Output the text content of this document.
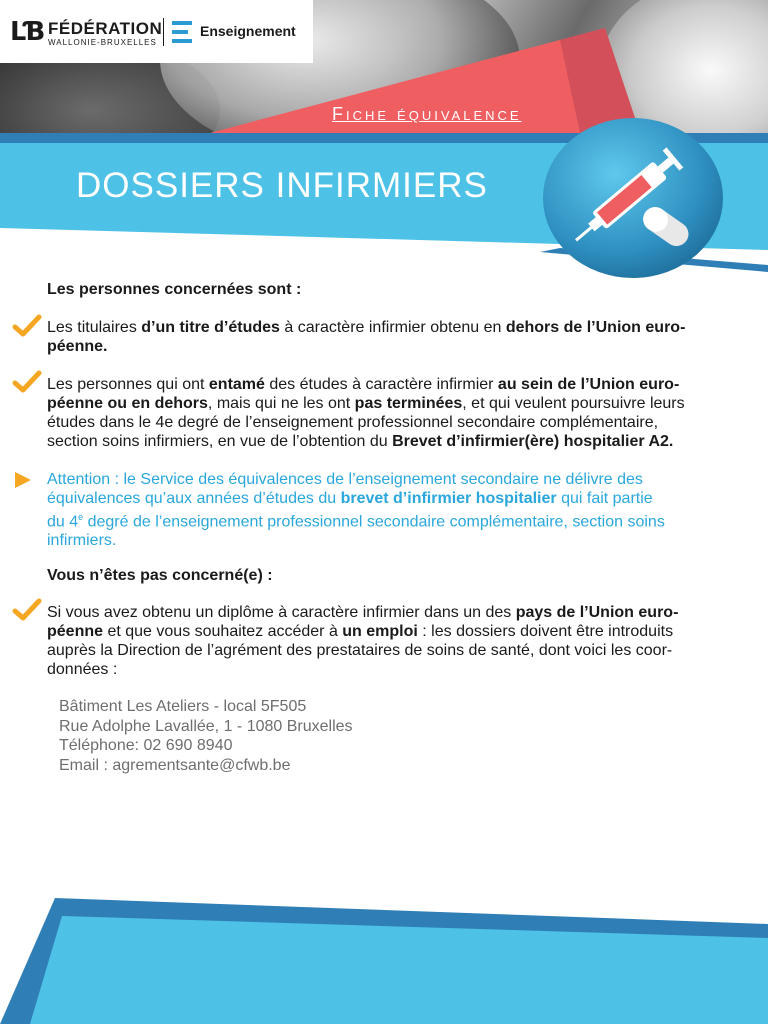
ᒪƁ FÉDÉRATION
WALLONIE-BRUXELLES
Enseignement
Fiche équivalence
DOSSIERS INFIRMIERS

Les personnes concernées sont :

Les titulaires d’un titre d’études à caractère infirmier obtenu en dehors de l’Union euro-
péenne.

Les personnes qui ont entamé des études à caractère infirmier au sein de l’Union euro-
péenne ou en dehors, mais qui ne les ont pas terminées, et qui veulent poursuivre leurs
études dans le 4e degré de l’enseignement professionnel secondaire complémentaire,
section soins infirmiers, en vue de l’obtention du Brevet d’infirmier(ère) hospitalier A2.

Attention : le Service des équivalences de l’enseignement secondaire ne délivre des
équivalences qu’aux années d’études du brevet d’infirmier hospitalier qui fait partie
du 4e degré de l’enseignement professionnel secondaire complémentaire, section soins
infirmiers.

Vous n’êtes pas concerné(e) :

Si vous avez obtenu un diplôme à caractère infirmier dans un des pays de l’Union euro-
péenne et que vous souhaitez accéder à un emploi : les dossiers doivent être introduits
auprès la Direction de l’agrément des prestataires de soins de santé, dont voici les coor-
données :

Bâtiment Les Ateliers - local 5F505
Rue Adolphe Lavallée, 1 - 1080 Bruxelles
Téléphone: 02 690 8940
Email : agrementsante@cfwb.be
